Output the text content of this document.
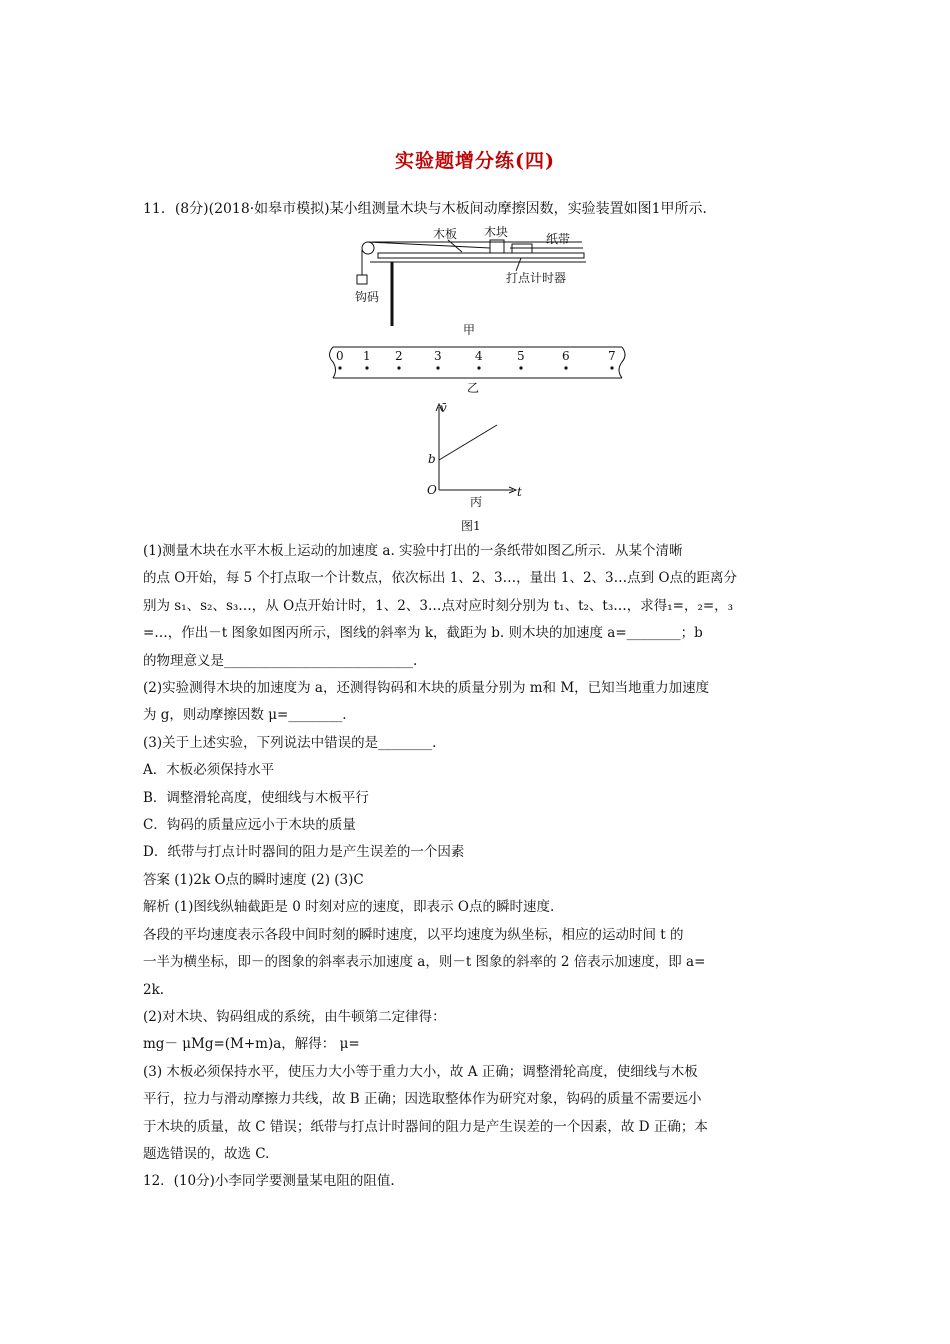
实验题增分练(四)
11．(8分)(2018·如皋市模拟)某小组测量木块与木板间动摩擦因数，实验装置如图1甲所示．
木板 木块	纸带
打点计时器
钩码
甲
0 1 2	3	4	5	6	7
乙
v̄
t
O
b
丙
图1

(1)测量木块在水平木板上运动的加速度 a. 实验中打出的一条纸带如图乙所示．从某个清晰

的点 O开始，每 5 个打点取一个计数点，依次标出 1、2、3…，量出 1、2、3…点到 O点的距离分

别为 s₁、s₂、s₃…，从 O点开始计时，1、2、3…点对应时刻分别为 t₁、t₂、t₃…，求得₁=，₂=，₃

=…，作出－t 图象如图丙所示，图线的斜率为 k，截距为 b. 则木块的加速度 a=________；b

的物理意义是____________________________.

(2)实验测得木块的加速度为 a，还测得钩码和木块的质量分别为 m和 M，已知当地重力加速度

为 g，则动摩擦因数 μ=________.

(3)关于上述实验，下列说法中错误的是________.

A．木板必须保持水平

B．调整滑轮高度，使细线与木板平行

C．钩码的质量应远小于木块的质量

D．纸带与打点计时器间的阻力是产生误差的一个因素

答案 (1)2k O点的瞬时速度 (2) (3)C

解析 (1)图线纵轴截距是 0 时刻对应的速度，即表示 O点的瞬时速度.

各段的平均速度表示各段中间时刻的瞬时速度，以平均速度为纵坐标，相应的运动时间 t 的

一半为横坐标，即－的图象的斜率表示加速度 a，则－t 图象的斜率的 2 倍表示加速度，即 a=

2k.

(2)对木块、钩码组成的系统，由牛顿第二定律得：

mg－ μMg=(M+m)a，解得： μ=

(3) 木板必须保持水平，使压力大小等于重力大小，故 A 正确；调整滑轮高度，使细线与木板

平行，拉力与滑动摩擦力共线，故 B 正确；因选取整体作为研究对象，钩码的质量不需要远小

于木块的质量，故 C 错误；纸带与打点计时器间的阻力是产生误差的一个因素，故 D 正确；本

题选错误的，故选 C.

12．(10分)小李同学要测量某电阻的阻值.
